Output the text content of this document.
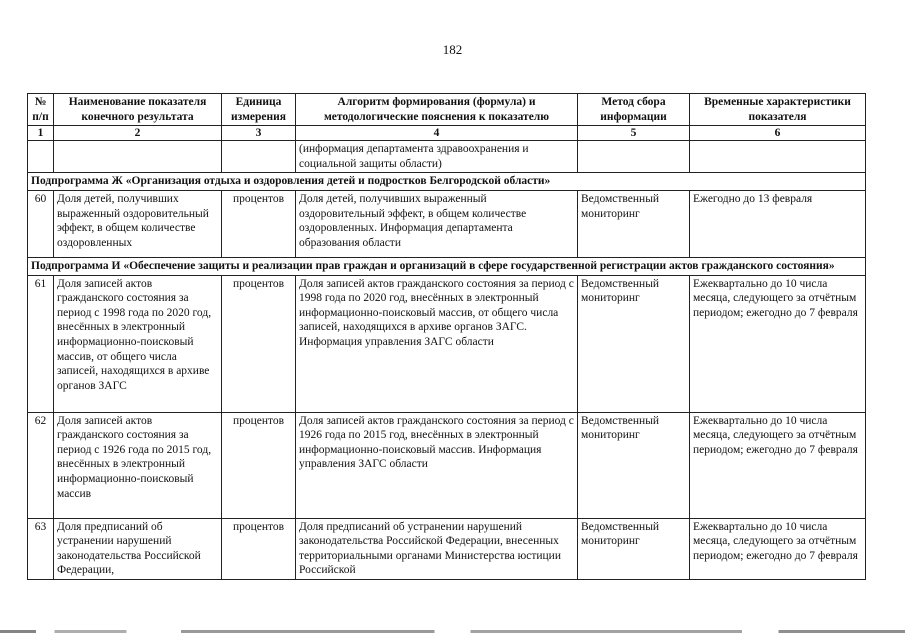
182
№
п/п	Наименование показателя конечного результата	Единица измерения	Алгоритм формирования (формула) и методологические пояснения к показателю	Метод сбора информации	Временные характеристики показателя
1	2	3	4	5	6
			(информация департамента здравоохранения и социальной защиты области)		
Подпрограмма Ж «Организация отдыха и оздоровления детей и подростков Белгородской области»					
60	Доля детей, получивших выраженный оздоровительный эффект, в общем количестве оздоровленных	процентов	Доля детей, получивших выраженный оздоровительный эффект, в общем количестве оздоровленных. Информация департамента образования области	Ведомственный мониторинг	Ежегодно до 13 февраля
Подпрограмма И «Обеспечение защиты и реализации прав граждан и организаций в сфере государственной регистрации актов гражданского состояния»					
61	Доля записей актов гражданского состояния за период с 1998 года по 2020 год, внесённых в электронный информационно-поисковый массив, от общего числа записей, находящихся в архиве органов ЗАГС	процентов	Доля записей актов гражданского состояния за период с 1998 года по 2020 год, внесённых в электронный информационно-поисковый массив, от общего числа записей, находящихся в архиве органов ЗАГС. Информация управления ЗАГС области	Ведомственный мониторинг	Ежеквартально до 10 числа месяца, следующего за отчётным периодом; ежегодно до 7 февраля
62	Доля записей актов гражданского состояния за период с 1926 года по 2015 год, внесённых в электронный информационно-поисковый массив	процентов	Доля записей актов гражданского состояния за период с 1926 года по 2015 год, внесённых в электронный информационно-поисковый массив. Информация управления ЗАГС области	Ведомственный мониторинг	Ежеквартально до 10 числа месяца, следующего за отчётным периодом; ежегодно до 7 февраля
63	Доля предписаний об устранении нарушений законодательства Российской Федерации,	процентов	Доля предписаний об устранении нарушений законодательства Российской Федерации, внесенных территориальными органами Министерства юстиции Российской	Ведомственный мониторинг	Ежеквартально до 10 числа месяца, следующего за отчётным периодом; ежегодно до 7 февраля
